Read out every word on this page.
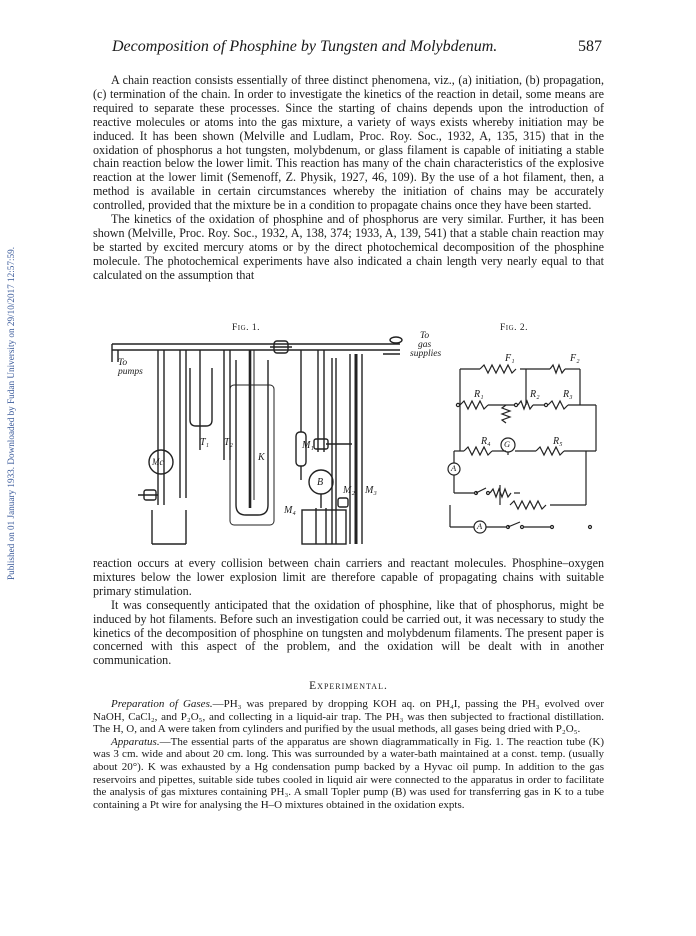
Published on 01 January 1933. Downloaded by Fudan University on 29/10/2017 12:57:59.
Decomposition of Phosphine by Tungsten and Molybdenum.	587

A chain reaction consists essentially of three distinct phenomena, viz., (a) initiation, (b) propagation, (c) termination of the chain. In order to investigate the kinetics of the reaction in detail, some means are required to separate these processes. Since the starting of chains depends upon the introduction of reactive molecules or atoms into the gas mixture, a variety of ways exists whereby initiation may be induced. It has been shown (Melville and Ludlam, Proc. Roy. Soc., 1932, A, 135, 315) that in the oxidation of phosphorus a hot tungsten, molybdenum, or glass filament is capable of initiating a stable chain reaction below the lower limit. This reaction has many of the chain characteristics of the explosive reaction at the lower limit (Semenoff, Z. Physik, 1927, 46, 109). By the use of a hot filament, then, a method is available in certain circumstances whereby the initiation of chains may be accurately controlled, provided that the mixture be in a condition to propagate chains once they have been started.

The kinetics of the oxidation of phosphine and of phosphorus are very similar. Further, it has been shown (Melville, Proc. Roy. Soc., 1932, A, 138, 374; 1933, A, 139, 541) that a stable chain reaction may be started by excited mercury atoms or by the direct photochemical decomposition of the phosphine molecule. The photochemical experiments have also indicated a chain length very nearly equal to that calculated on the assumption that

Fig. 1.	Fig. 2.
To
pumps
To
gas
supplies
T₁ T₂	M₁
K
Mc
B
M₂ M₃
M₄
F₁	F₂
R₁	R₂ R₃
R₄ G	R₅
A
A

reaction occurs at every collision between chain carriers and reactant molecules. Phosphine–oxygen mixtures below the lower explosion limit are therefore capable of propagating chains with suitable primary stimulation.

It was consequently anticipated that the oxidation of phosphine, like that of phosphorus, might be induced by hot filaments. Before such an investigation could be carried out, it was necessary to study the kinetics of the decomposition of phosphine on tungsten and molybdenum filaments. The present paper is concerned with this aspect of the problem, and the oxidation will be dealt with in another communication.

Experimental.

Preparation of Gases.—PH₃ was prepared by dropping KOH aq. on PH₄I, passing the PH₃ evolved over NaOH, CaCl₂, and P₂O₅, and collecting in a liquid-air trap. The PH₃ was then subjected to fractional distillation. The H, O, and A were taken from cylinders and purified by the usual methods, all gases being dried with P₂O₅.

Apparatus.—The essential parts of the apparatus are shown diagrammatically in Fig. 1. The reaction tube (K) was 3 cm. wide and about 20 cm. long. This was surrounded by a water-bath maintained at a const. temp. (usually about 20°). K was exhausted by a Hg condensation pump backed by a Hyvac oil pump. In addition to the gas reservoirs and pipettes, suitable side tubes cooled in liquid air were connected to the apparatus in order to facilitate the analysis of gas mixtures containing PH₃. A small Topler pump (B) was used for transferring gas in K to a tube containing a Pt wire for analysing the H–O mixtures obtained in the oxidation expts.
